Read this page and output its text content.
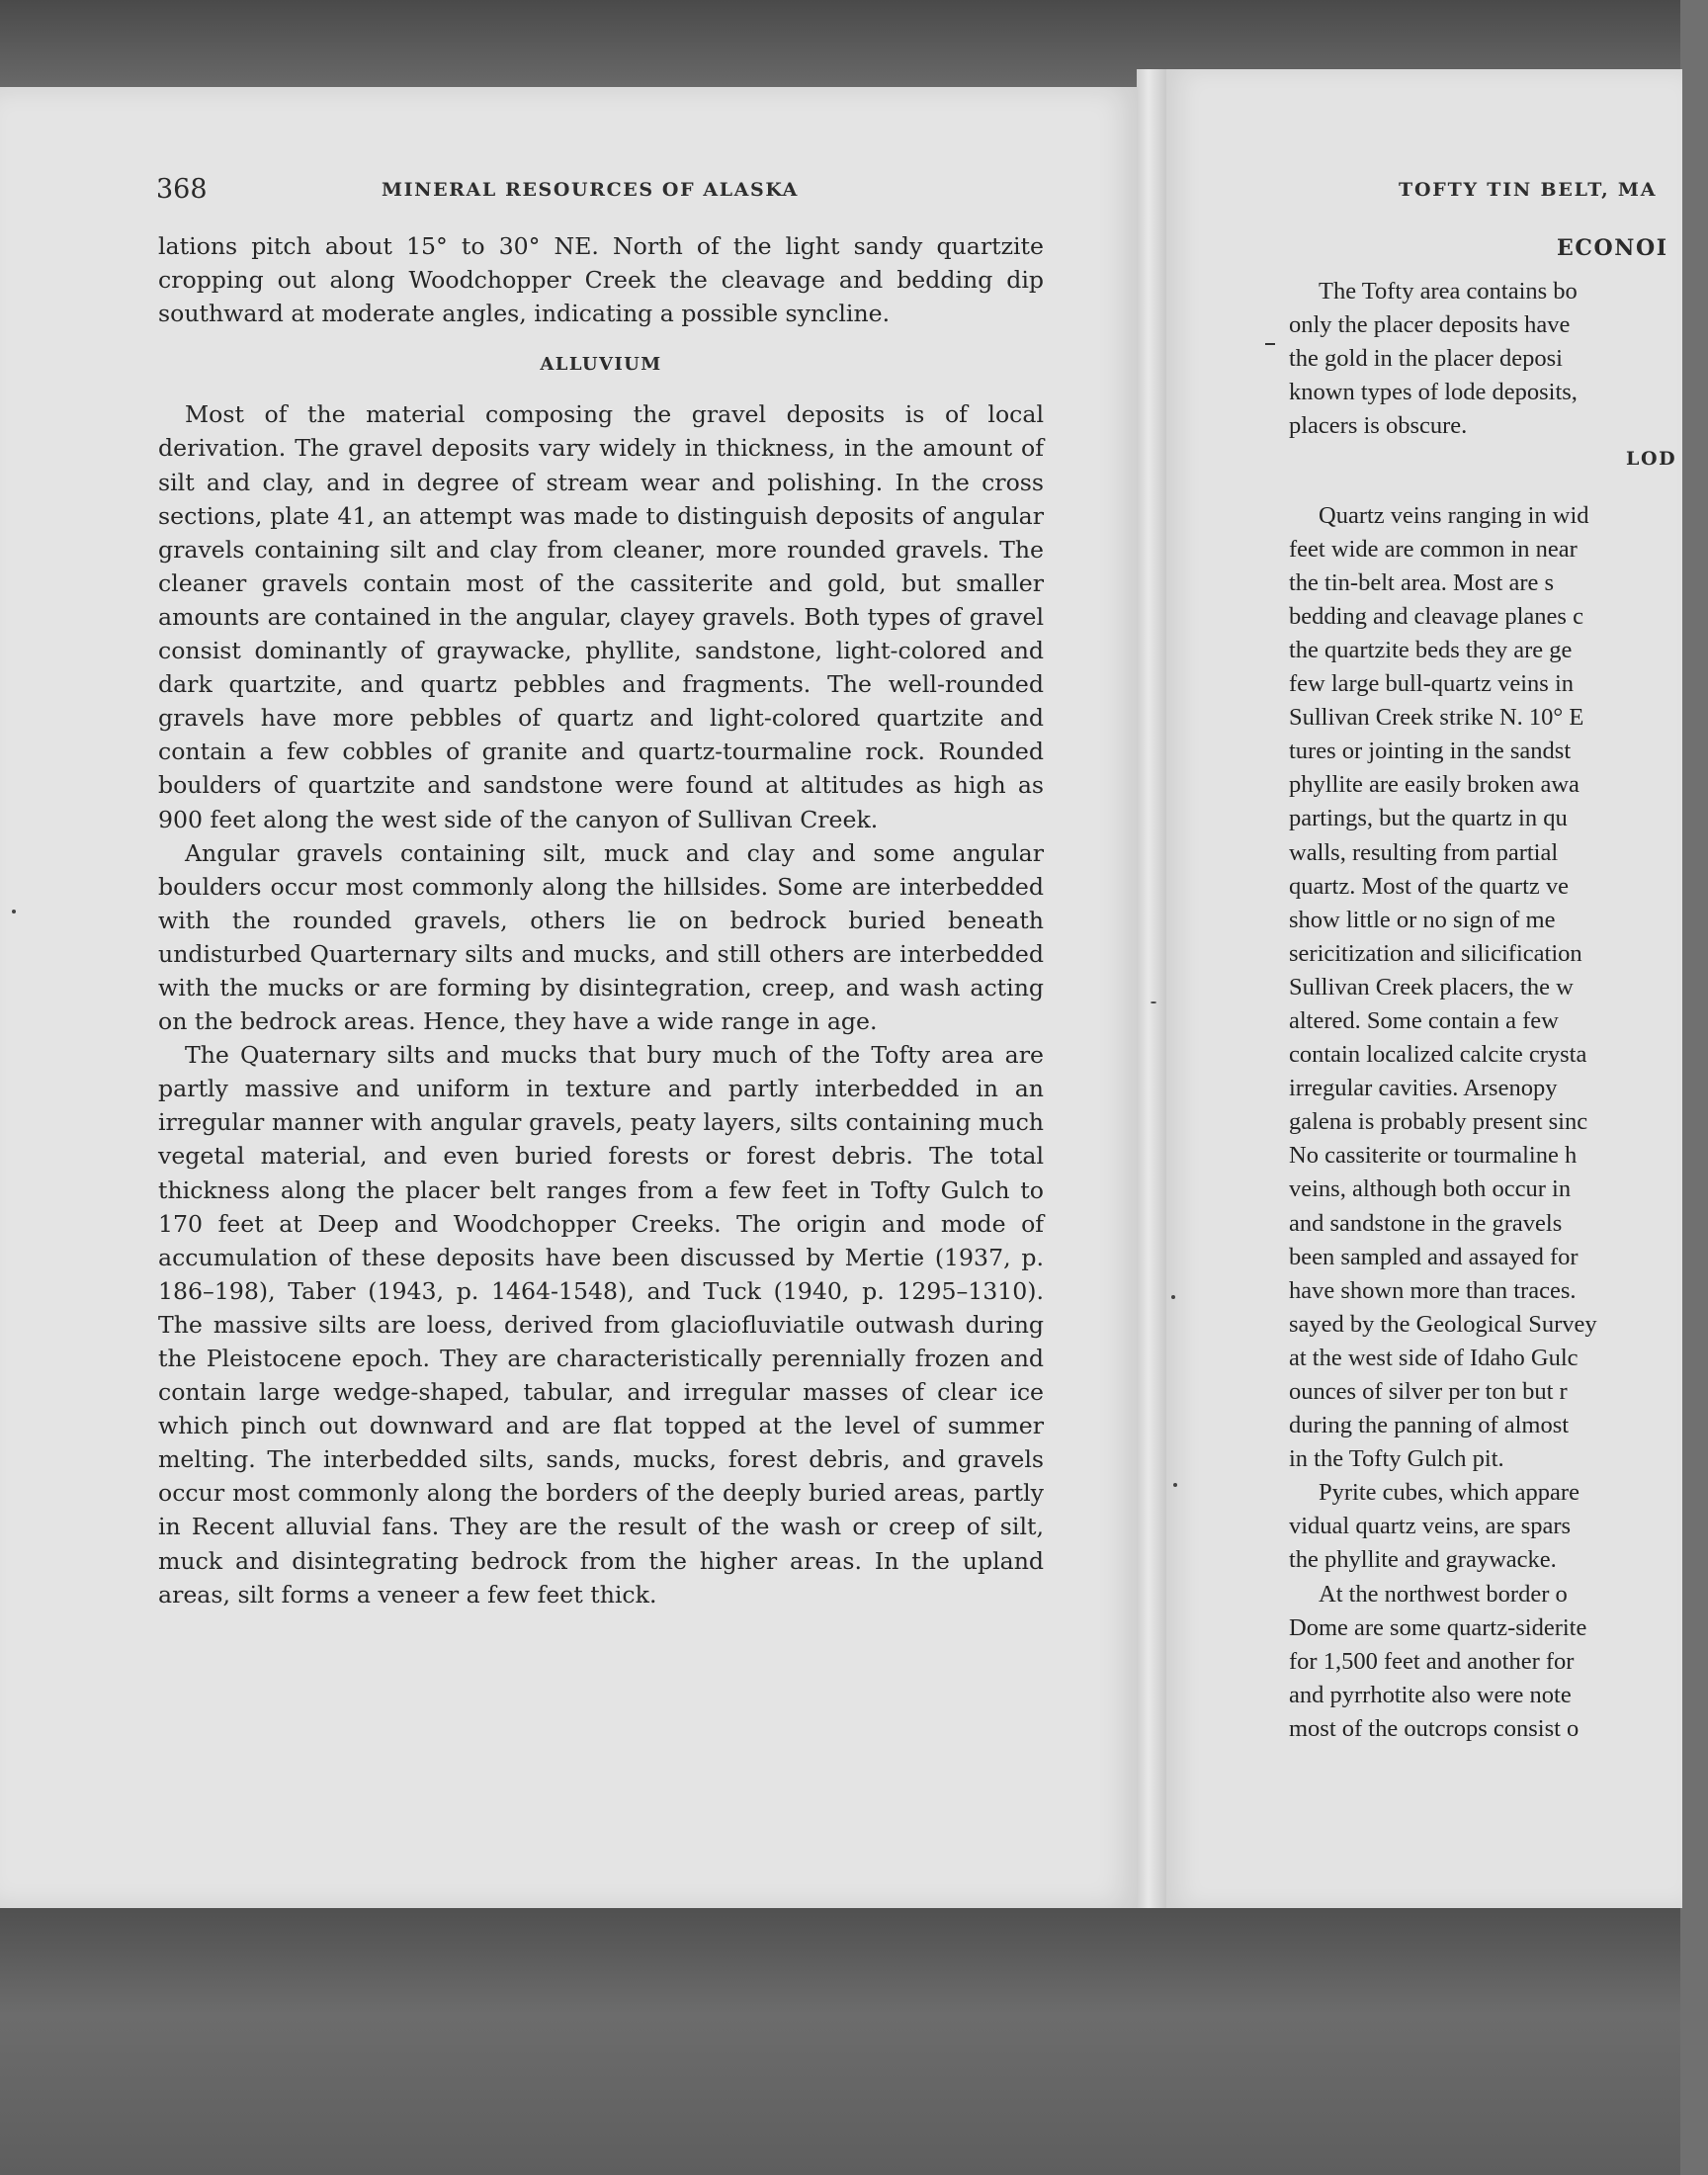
368	MINERAL RESOURCES OF ALASKA

lations pitch about 15° to 30° NE. North of the light sandy quartzite cropping out along Woodchopper Creek the cleavage and bedding dip southward at moderate angles, indicating a possible syncline.

ALLUVIUM

Most of the material composing the gravel deposits is of local derivation. The gravel deposits vary widely in thickness, in the amount of silt and clay, and in degree of stream wear and polishing. In the cross sections, plate 41, an attempt was made to distinguish deposits of angular gravels containing silt and clay from cleaner, more rounded gravels. The cleaner gravels contain most of the cassiterite and gold, but smaller amounts are contained in the angular, clayey gravels. Both types of gravel consist dominantly of graywacke, phyllite, sandstone, light-colored and dark quartzite, and quartz pebbles and fragments. The well-rounded gravels have more pebbles of quartz and light-colored quartzite and contain a few cobbles of granite and quartz-tourmaline rock. Rounded boulders of quartzite and sandstone were found at altitudes as high as 900 feet along the west side of the canyon of Sullivan Creek.

Angular gravels containing silt, muck and clay and some angular boulders occur most commonly along the hillsides. Some are interbedded with the rounded gravels, others lie on bedrock buried beneath undisturbed Quarternary silts and mucks, and still others are interbedded with the mucks or are forming by disintegration, creep, and wash acting on the bedrock areas. Hence, they have a wide range in age.

The Quaternary silts and mucks that bury much of the Tofty area are partly massive and uniform in texture and partly interbedded in an irregular manner with angular gravels, peaty layers, silts containing much vegetal material, and even buried forests or forest debris. The total thickness along the placer belt ranges from a few feet in Tofty Gulch to 170 feet at Deep and Woodchopper Creeks. The origin and mode of accumulation of these deposits have been discussed by Mertie (1937, p. 186–198), Taber (1943, p. 1464-1548), and Tuck (1940, p. 1295–1310). The massive silts are loess, derived from glaciofluviatile outwash during the Pleistocene epoch. They are characteristically perennially frozen and contain large wedge-shaped, tabular, and irregular masses of clear ice which pinch out downward and are flat topped at the level of summer melting. The interbedded silts, sands, mucks, forest debris, and gravels occur most commonly along the borders of the deeply buried areas, partly in Recent alluvial fans. They are the result of the wash or creep of silt, muck and disintegrating bedrock from the higher areas. In the upland areas, silt forms a veneer a few feet thick.

TOFTY TIN BELT, MA
ECONOI
LOD
The Tofty area contains bo
only the placer deposits have
the gold in the placer deposi
known types of lode deposits,
placers is obscure.
Quartz veins ranging in wid
feet wide are common in near
the tin-belt area. Most are s
bedding and cleavage planes c
the quartzite beds they are ge
few large bull-quartz veins in
Sullivan Creek strike N. 10° E
tures or jointing in the sandst
phyllite are easily broken awa
partings, but the quartz in qu
walls, resulting from partial
quartz. Most of the quartz ve
show little or no sign of me
sericitization and silicification
Sullivan Creek placers, the w
altered. Some contain a few
contain localized calcite crysta
irregular cavities. Arsenopy
galena is probably present sinc
No cassiterite or tourmaline h
veins, although both occur in
and sandstone in the gravels
been sampled and assayed for
have shown more than traces.
sayed by the Geological Survey
at the west side of Idaho Gulc
ounces of silver per ton but r
during the panning of almost
in the Tofty Gulch pit.
Pyrite cubes, which appare
vidual quartz veins, are spars
the phyllite and graywacke.
At the northwest border o
Dome are some quartz-siderite
for 1,500 feet and another for
and pyrrhotite also were note
most of the outcrops consist o
